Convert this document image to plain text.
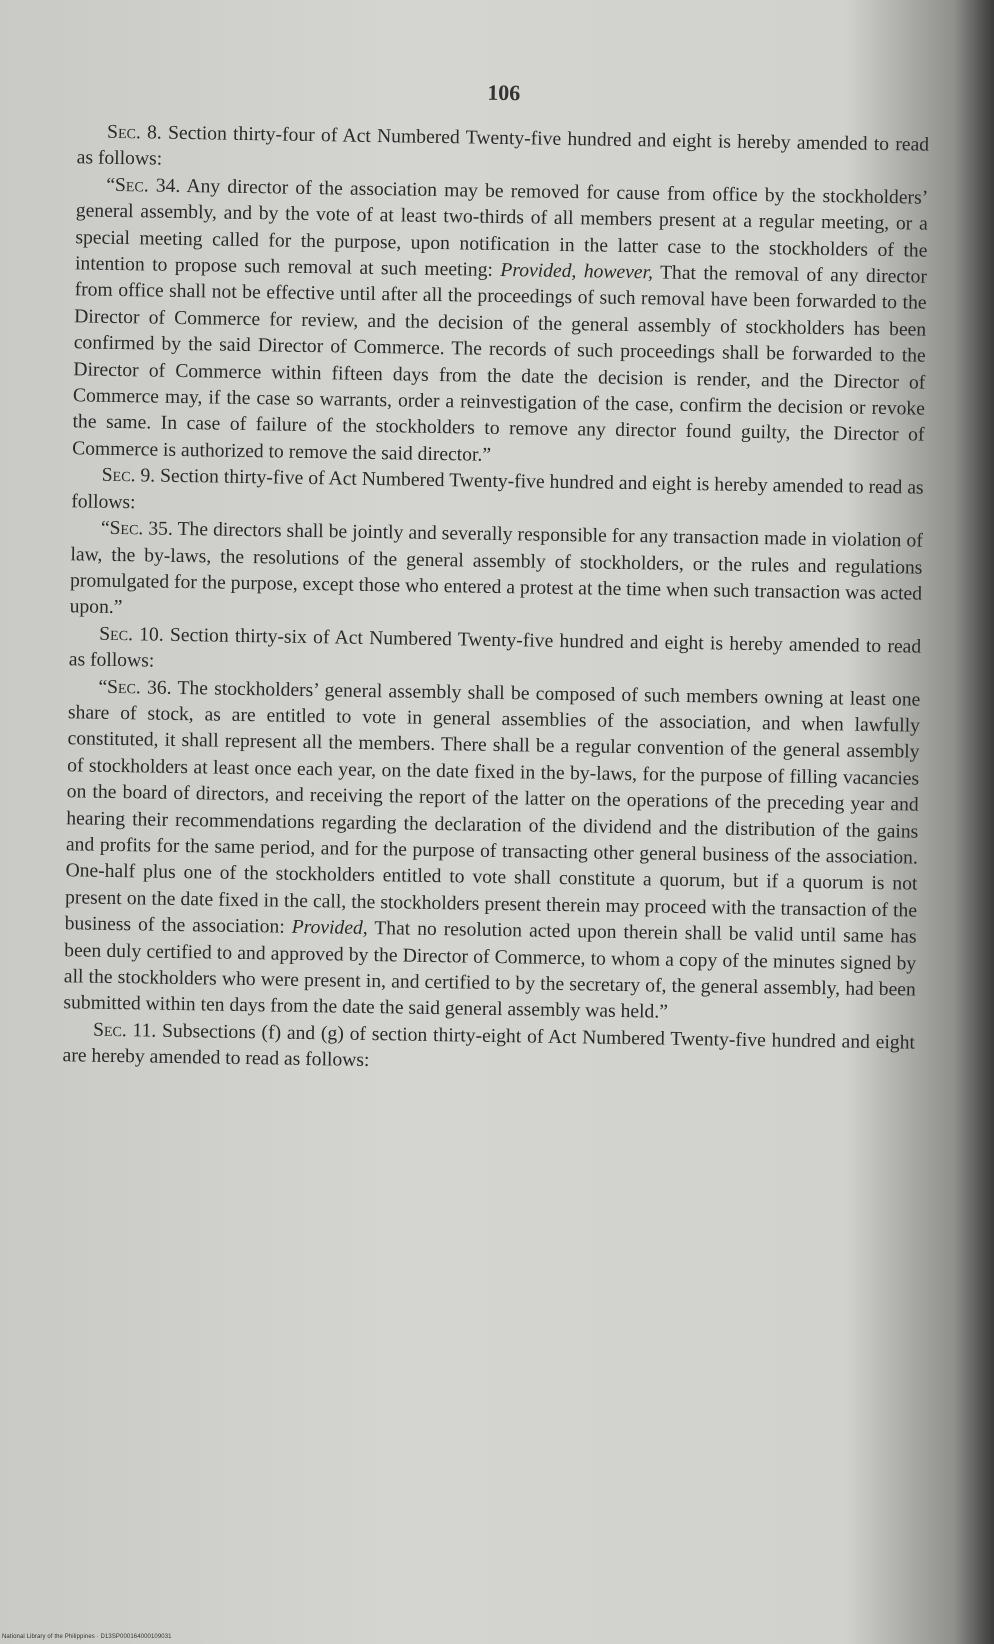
106

Sec. 8. Section thirty-four of Act Numbered Twenty-five hundred and eight is hereby amended to read as follows:

“Sec. 34. Any director of the association may be removed for cause from office by the stockholders’ general assembly, and by the vote of at least two-thirds of all members present at a regular meeting, or a special meeting called for the purpose, upon notification in the latter case to the stockholders of the intention to propose such removal at such meeting: Provided, however, That the removal of any director from office shall not be effective until after all the proceedings of such removal have been forwarded to the Director of Commerce for review, and the decision of the general assembly of stockholders has been confirmed by the said Director of Commerce. The records of such proceedings shall be forwarded to the Director of Commerce within fifteen days from the date the decision is render, and the Director of Commerce may, if the case so warrants, order a reinvestigation of the case, confirm the decision or revoke the same. In case of failure of the stockholders to remove any director found guilty, the Director of Commerce is authorized to remove the said director.”

Sec. 9. Section thirty-five of Act Numbered Twenty-five hundred and eight is hereby amended to read as follows:

“Sec. 35. The directors shall be jointly and severally responsible for any transaction made in violation of law, the by-laws, the resolutions of the general assembly of stockholders, or the rules and regulations promulgated for the purpose, except those who entered a protest at the time when such transaction was acted upon.”

Sec. 10. Section thirty-six of Act Numbered Twenty-five hundred and eight is hereby amended to read as follows:

“Sec. 36. The stockholders’ general assembly shall be composed of such members owning at least one share of stock, as are entitled to vote in general assemblies of the association, and when lawfully constituted, it shall represent all the members. There shall be a regular convention of the general assembly of stockholders at least once each year, on the date fixed in the by-laws, for the purpose of filling vacancies on the board of directors, and receiving the report of the latter on the operations of the preceding year and hearing their recommendations regarding the declaration of the dividend and the distribution of the gains and profits for the same period, and for the purpose of transacting other general business of the association. One-half plus one of the stockholders entitled to vote shall constitute a quorum, but if a quorum is not present on the date fixed in the call, the stockholders present therein may proceed with the transaction of the business of the association: Provided, That no resolution acted upon therein shall be valid until same has been duly certified to and approved by the Director of Commerce, to whom a copy of the minutes signed by all the stockholders who were present in, and certified to by the secretary of, the general assembly, had been submitted within ten days from the date the said general assembly was held.”

Sec. 11. Subsections (f) and (g) of section thirty-eight of Act Numbered Twenty-five hundred and eight are hereby amended to read as follows:

National Library of the Philippines · D13SP000164000109031
